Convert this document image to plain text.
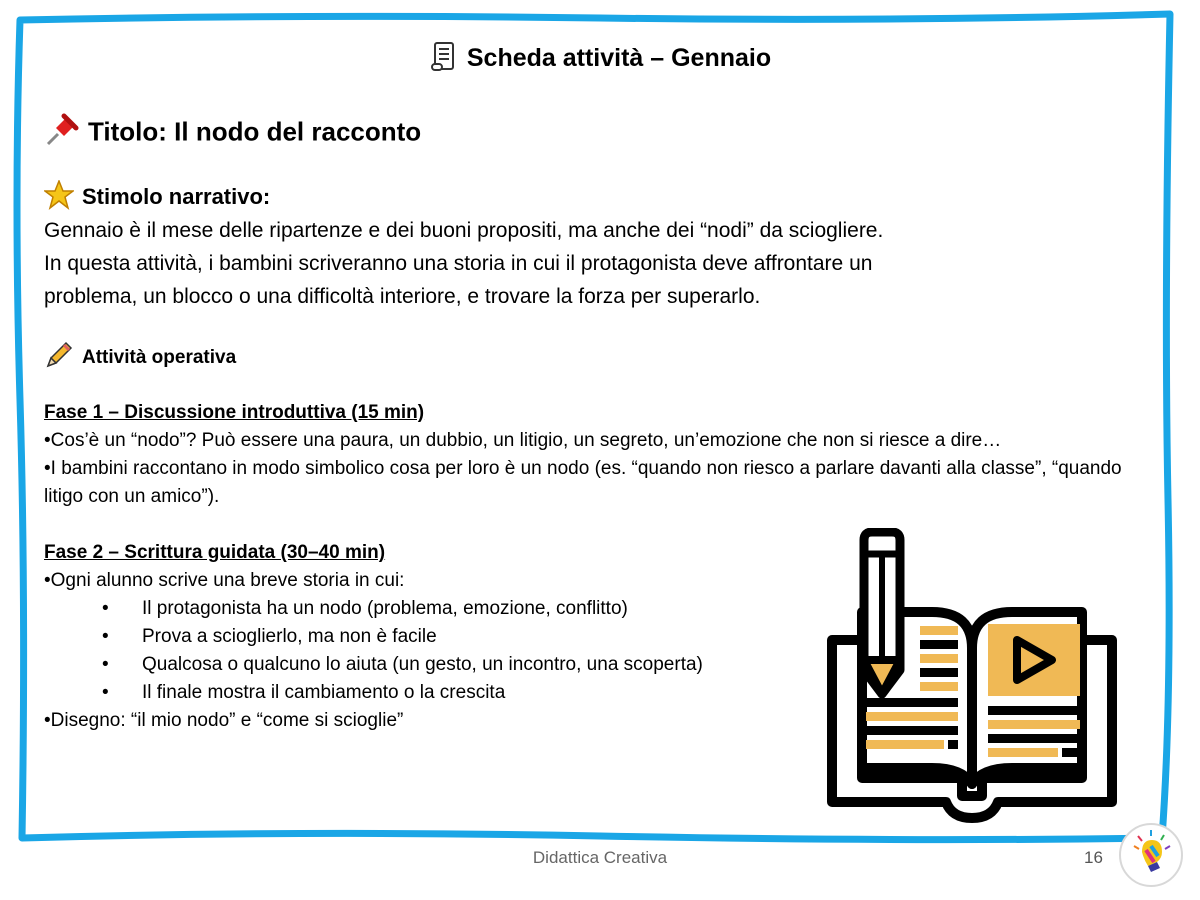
Scheda attività – Gennaio
Titolo: Il nodo del racconto
Stimolo narrativo:

Gennaio è il mese delle ripartenze e dei buoni propositi, ma anche dei “nodi” da sciogliere.

In questa attività, i bambini scriveranno una storia in cui il protagonista deve affrontare un

problema, un blocco o una difficoltà interiore, e trovare la forza per superarlo.

Attività operativa

Fase 1 – Discussione introduttiva (15 min)

•Cos’è un “nodo”? Può essere una paura, un dubbio, un litigio, un segreto, un’emozione che non si riesce a dire…

•I bambini raccontano in modo simbolico cosa per loro è un nodo (es. “quando non riesco a parlare davanti alla classe”, “quando litigo con un amico”).

Fase 2 – Scrittura guidata (30–40 min)

•Ogni alunno scrive una breve storia in cui:

• Il protagonista ha un nodo (problema, emozione, conflitto)
• Prova a scioglierlo, ma non è facile
• Qualcosa o qualcuno lo aiuta (un gesto, un incontro, una scoperta)
• Il finale mostra il cambiamento o la crescita

•Disegno: “il mio nodo” e “come si scioglie”

Didattica Creativa	16
